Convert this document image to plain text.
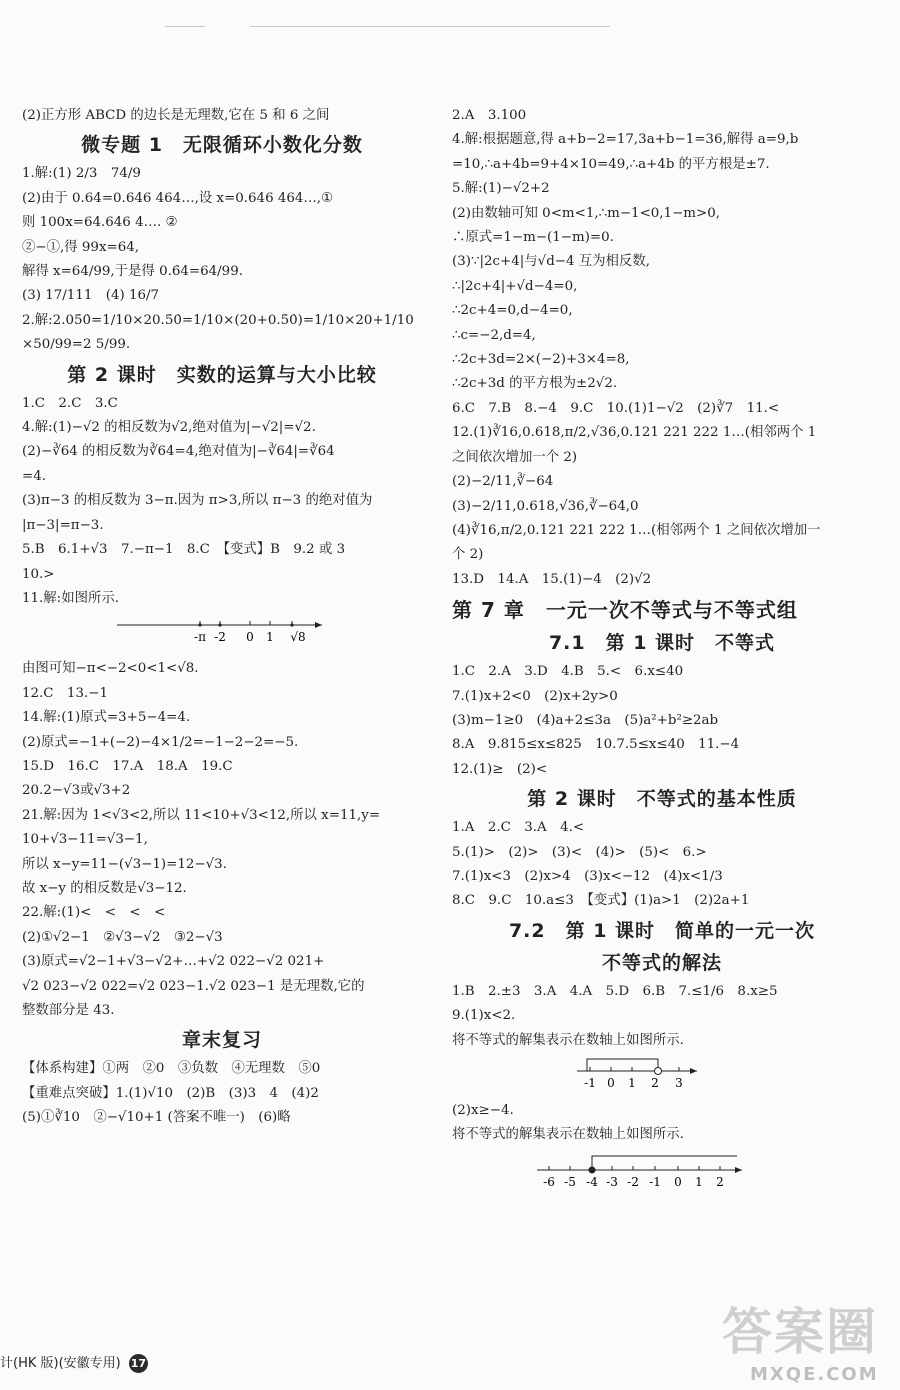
(2)正方形 ABCD 的边长是无理数,它在 5 和 6 之间
微专题 1　无限循环小数化分数
1.解:(1) 2/3　74/9
(2)由于 0.64̇=0.646 464…,设 x=0.646 464…,①
则 100x=64.646 4…. ②
②−①,得 99x=64,
解得 x=64/99,于是得 0.6̇4̇=64/99.
(3) 17/111　(4) 16/7
2.解:2.05̇0̇=1/10×20.5̇0̇=1/10×(20+0.5̇0̇)=1/10×20+1/10
×50/99=2 5/99.
第 2 课时　实数的运算与大小比较
1.C　2.C　3.C
4.解:(1)−√2 的相反数为√2,绝对值为|−√2|=√2.
(2)−∛64 的相反数为∛64=4,绝对值为|−∛64|=∛64
=4.
(3)π−3 的相反数为 3−π.因为 π>3,所以 π−3 的绝对值为
|π−3|=π−3.
5.B　6.1+√3　7.−π−1　8.C　【变式】B　9.2 或 3
10.>
11.解:如图所示.
-π -2 0 1 √8
由图可知−π<−2<0<1<√8.
12.C　13.−1
14.解:(1)原式=3+5−4=4.
(2)原式=−1+(−2)−4×1/2=−1−2−2=−5.
15.D　16.C　17.A　18.A　19.C
20.2−√3或√3+2
21.解:因为 1<√3<2,所以 11<10+√3<12,所以 x=11,y=
10+√3−11=√3−1,
所以 x−y=11−(√3−1)=12−√3.
故 x−y 的相反数是√3−12.
22.解:(1)<　<　<　<
(2)①√2−1　②√3−√2　③2−√3
(3)原式=√2−1+√3−√2+…+√2 022−√2 021+
√2 023−√2 022=√2 023−1.√2 023−1 是无理数,它的
整数部分是 43.
章末复习
【体系构建】①两　②0　③负数　④无理数　⑤0
【重难点突破】1.(1)√10　(2)B　(3)3　4　(4)2
(5)①∛10　②−√10+1 (答案不唯一)　(6)略
2.A　3.100
4.解:根据题意,得 a+b−2=17,3a+b−1=36,解得 a=9,b
=10,∴a+4b=9+4×10=49,∴a+4b 的平方根是±7.
5.解:(1)−√2+2
(2)由数轴可知 0<m<1,∴m−1<0,1−m>0,
∴原式=1−m−(1−m)=0.
(3)∵|2c+4|与√d−4 互为相反数,
∴|2c+4|+√d−4=0,
∴2c+4=0,d−4=0,
∴c=−2,d=4,
∴2c+3d=2×(−2)+3×4=8,
∴2c+3d 的平方根为±2√2.
6.C　7.B　8.−4　9.C　10.(1)1−√2　(2)∛7　11.<
12.(1)∛16,0.618,π/2,√36,0.121 221 222 1…(相邻两个 1
之间依次增加一个 2)
(2)−2/11,∛−64
(3)−2/11,0.618,√36,∛−64,0
(4)∛16,π/2,0.121 221 222 1…(相邻两个 1 之间依次增加一
个 2)
13.D　14.A　15.(1)−4　(2)√2
第 7 章　一元一次不等式与不等式组
7.1　第 1 课时　不等式
1.C　2.A　3.D　4.B　5.<　6.x≤40
7.(1)x+2<0　(2)x+2y>0
(3)m−1≥0　(4)a+2≤3a　(5)a²+b²≥2ab
8.A　9.815≤x≤825　10.7.5≤x≤40　11.−4
12.(1)≥　(2)<
第 2 课时　不等式的基本性质
1.A　2.C　3.A　4.<
5.(1)>　(2)>　(3)<　(4)>　(5)<　6.>
7.(1)x<3　(2)x>4　(3)x<−12　(4)x<1/3
8.C　9.C　10.a≤3　【变式】(1)a>1　(2)2a+1
7.2　第 1 课时　简单的一元一次
不等式的解法
1.B　2.±3　3.A　4.A　5.D　6.B　7.≤1/6　8.x≥5
9.(1)x<2.
将不等式的解集表示在数轴上如图所示.
-1 0 1 2 3
(2)x≥−4.
将不等式的解集表示在数轴上如图所示.
-6 -5 -4 -3 -2 -1 0 1 2
计(HK 版)(安徽专用) 17
答案圈
MXQE.COM
